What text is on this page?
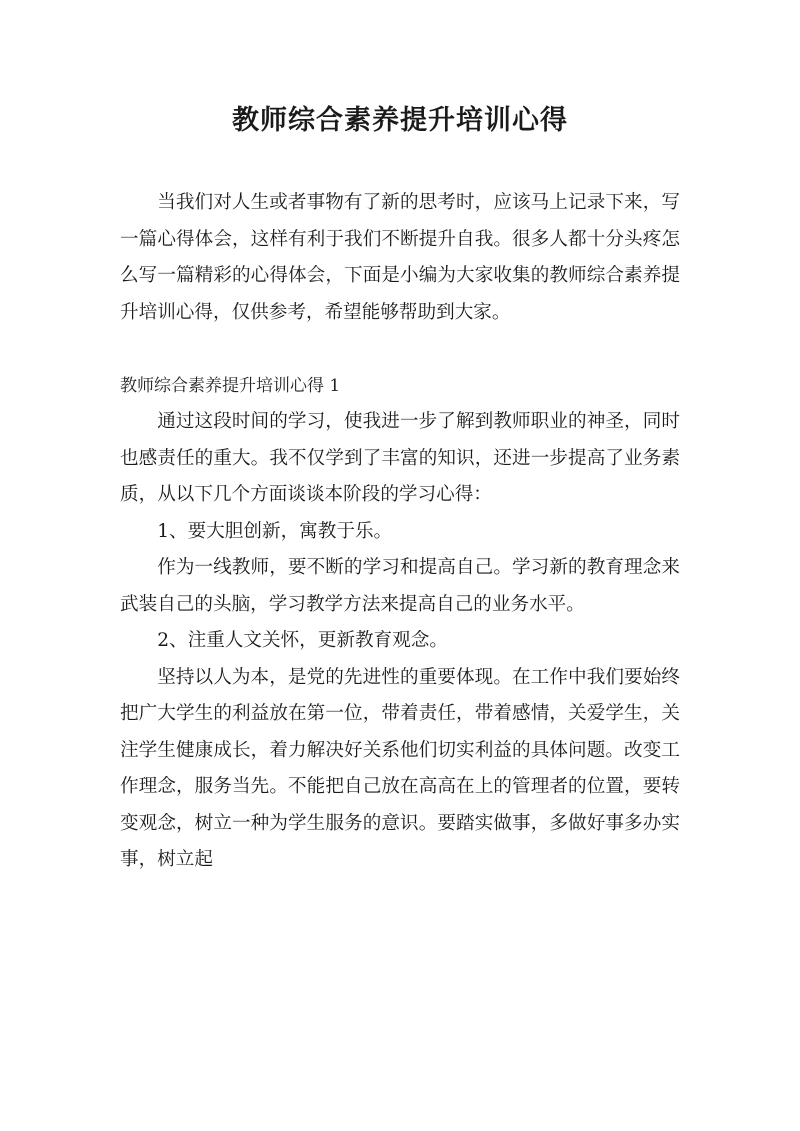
教师综合素养提升培训心得

当我们对人生或者事物有了新的思考时，应该马上记录下来，写一篇心得体会，这样有利于我们不断提升自我。很多人都十分头疼怎么写一篇精彩的心得体会，下面是小编为大家收集的教师综合素养提升培训心得，仅供参考，希望能够帮助到大家。

教师综合素养提升培训心得 1

通过这段时间的学习，使我进一步了解到教师职业的神圣，同时也感责任的重大。我不仅学到了丰富的知识，还进一步提高了业务素质，从以下几个方面谈谈本阶段的学习心得：

1、要大胆创新，寓教于乐。

作为一线教师，要不断的学习和提高自己。学习新的教育理念来武装自己的头脑，学习教学方法来提高自己的业务水平。

2、注重人文关怀，更新教育观念。

坚持以人为本，是党的先进性的重要体现。在工作中我们要始终把广大学生的利益放在第一位，带着责任，带着感情，关爱学生，关注学生健康成长，着力解决好关系他们切实利益的具体问题。改变工作理念，服务当先。不能把自己放在高高在上的管理者的位置，要转变观念，树立一种为学生服务的意识。要踏实做事，多做好事多办实事，树立起
